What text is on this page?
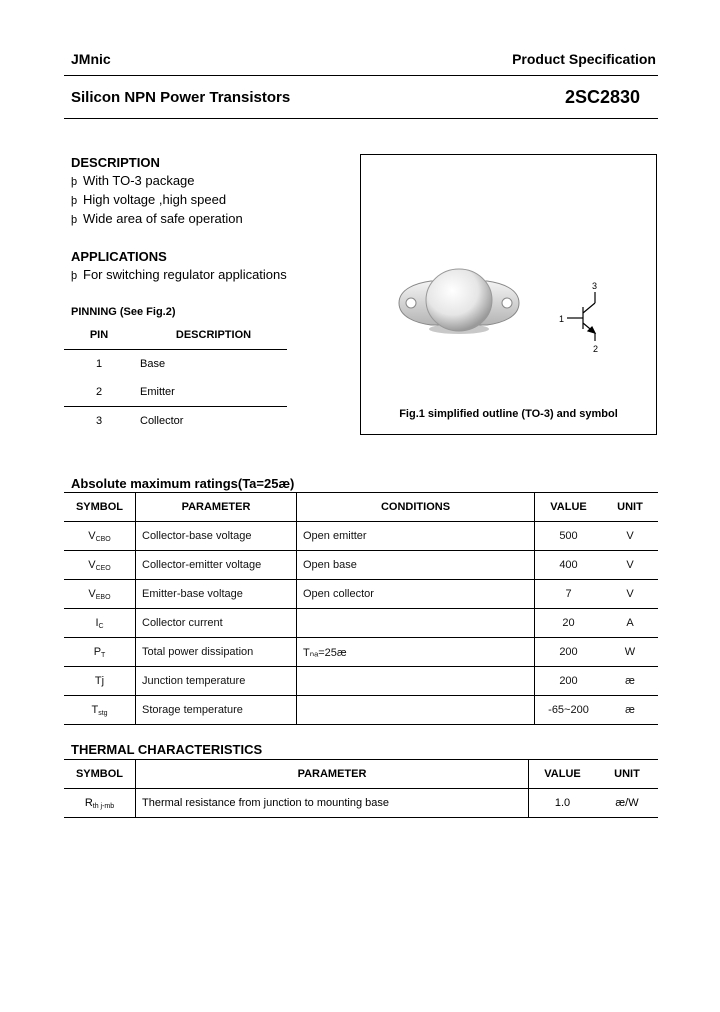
JMnic	Product Specification
Silicon NPN Power Transistors	2SC2830
DESCRIPTION
þ With TO-3 package
þ High voltage ,high speed
þ Wide area of safe operation
APPLICATIONS
þ For switching regulator applications
PINNING (See Fig.2)
PIN	DESCRIPTION
1	Base
2	Emitter
3	Collector
1
2
3
Fig.1 simplified outline (TO-3) and symbol
Absolute maximum ratings(Ta=25æ)
SYMBOL	PARAMETER	CONDITIONS	VALUE	UNIT
$V_{CBO}$	Collector-base voltage	Open emitter	500	V
$V_{CEO}$	Collector-emitter voltage	Open base	400	V
$V_{EBO}$	Emitter-base voltage	Open collector	7	V
$I_C$	Collector current		20	A
$P_T$	Total power dissipation	Tₙₐ=25æ	200	W
Tj	Junction temperature		200	æ
$T_{stg}$	Storage temperature		-65~200	æ
THERMAL CHARACTERISTICS
SYMBOL	PARAMETER	VALUE	UNIT
$R_{th j-mb}$	Thermal resistance from junction to mounting base	1.0	æ/W
